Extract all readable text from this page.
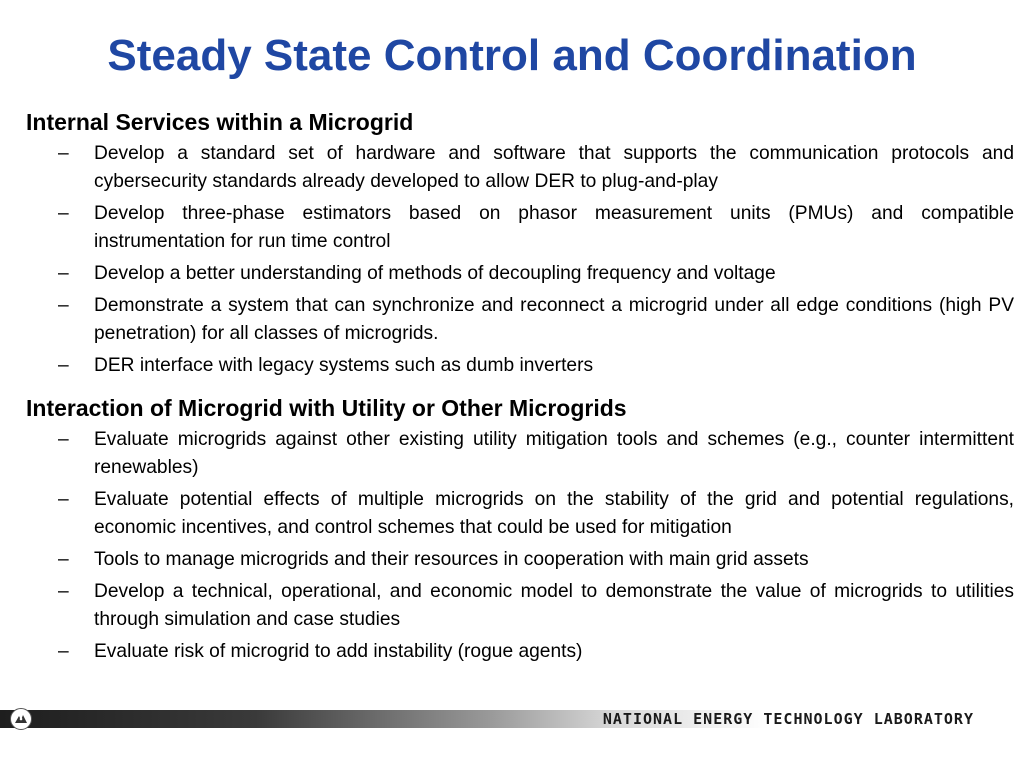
Steady State Control and Coordination
Internal Services within a Microgrid
– Develop a standard set of hardware and software that supports the communication protocols and cybersecurity standards already developed to allow DER to plug-and-play
– Develop three-phase estimators based on phasor measurement units (PMUs) and compatible instrumentation for run time control
– Develop a better understanding of methods of decoupling frequency and voltage
– Demonstrate a system that can synchronize and reconnect a microgrid under all edge conditions (high PV penetration) for all classes of microgrids.
– DER interface with legacy systems such as dumb inverters
Interaction of Microgrid with Utility or Other Microgrids
– Evaluate microgrids against other existing utility mitigation tools and schemes (e.g., counter intermittent renewables)
– Evaluate potential effects of multiple microgrids on the stability of the grid and potential regulations, economic incentives, and control schemes that could be used for mitigation
– Tools to manage microgrids and their resources in cooperation with main grid assets
– Develop a technical, operational, and economic model to demonstrate the value of microgrids to utilities through simulation and case studies
– Evaluate risk of microgrid to add instability (rogue agents)
NATIONAL ENERGY TECHNOLOGY LABORATORY
